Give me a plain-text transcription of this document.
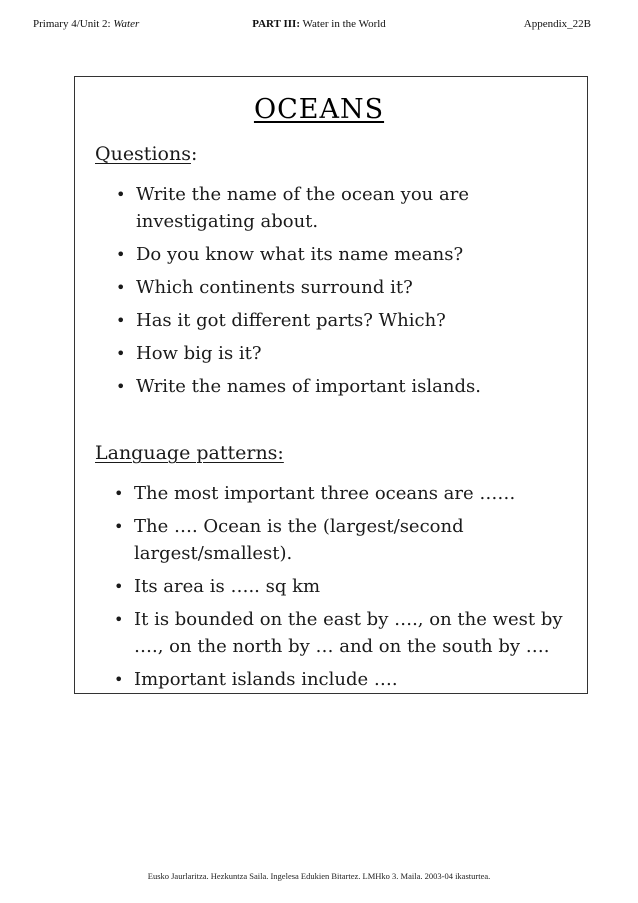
Primary 4/Unit 2: Water	PART III: Water in the World	Appendix_22B
OCEANS
Questions:
• Write the name of the ocean you are investigating about.
• Do you know what its name means?
• Which continents surround it?
• Has it got different parts? Which?
• How big is it?
• Write the names of important islands.
Language patterns:
• The most important three oceans are ……
• The …. Ocean is the (largest/second largest/smallest).
• Its area is ….. sq km
• It is bounded on the east by …., on the west by …., on the north by … and on the south by ….
• Important islands include ….
Eusko Jaurlaritza. Hezkuntza Saila. Ingelesa Edukien Bitartez. LMHko 3. Maila. 2003-04 ikasturtea.
